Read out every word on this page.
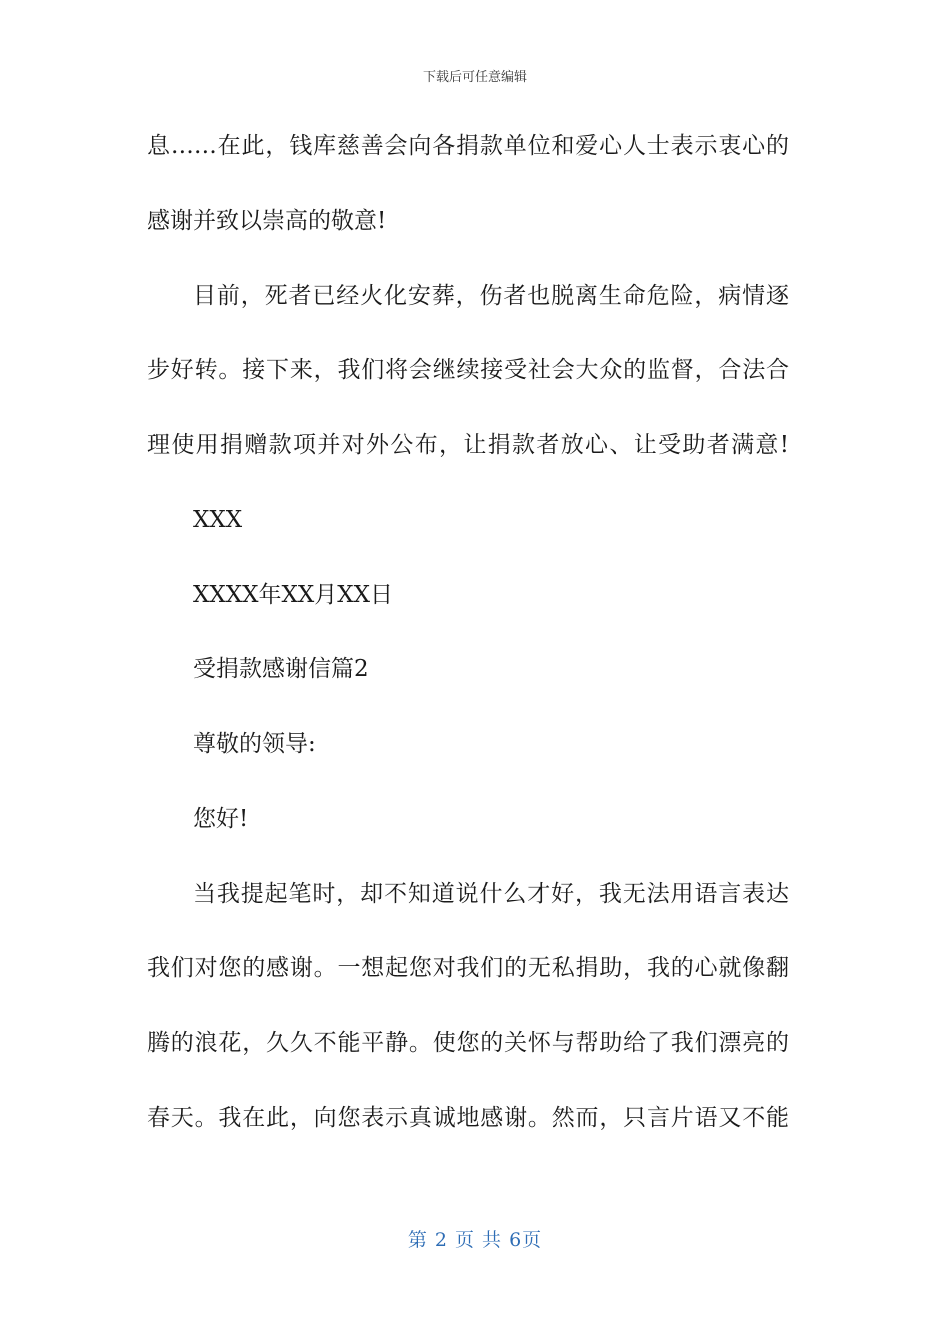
下载后可任意编辑
息……在此，钱库慈善会向各捐款单位和爱心人士表示衷心的
感谢并致以崇高的敬意!
目前，死者已经火化安葬，伤者也脱离生命危险，病情逐
步好转。接下来，我们将会继续接受社会大众的监督，合法合
理使用捐赠款项并对外公布，让捐款者放心、让受助者满意!
XXX
XXXX年XX月XX日
受捐款感谢信篇2
尊敬的领导:
您好!
当我提起笔时，却不知道说什么才好，我无法用语言表达
我们对您的感谢。一想起您对我们的无私捐助，我的心就像翻
腾的浪花，久久不能平静。使您的关怀与帮助给了我们漂亮的
春天。我在此，向您表示真诚地感谢。然而，只言片语又不能
第 2 页 共 6页
